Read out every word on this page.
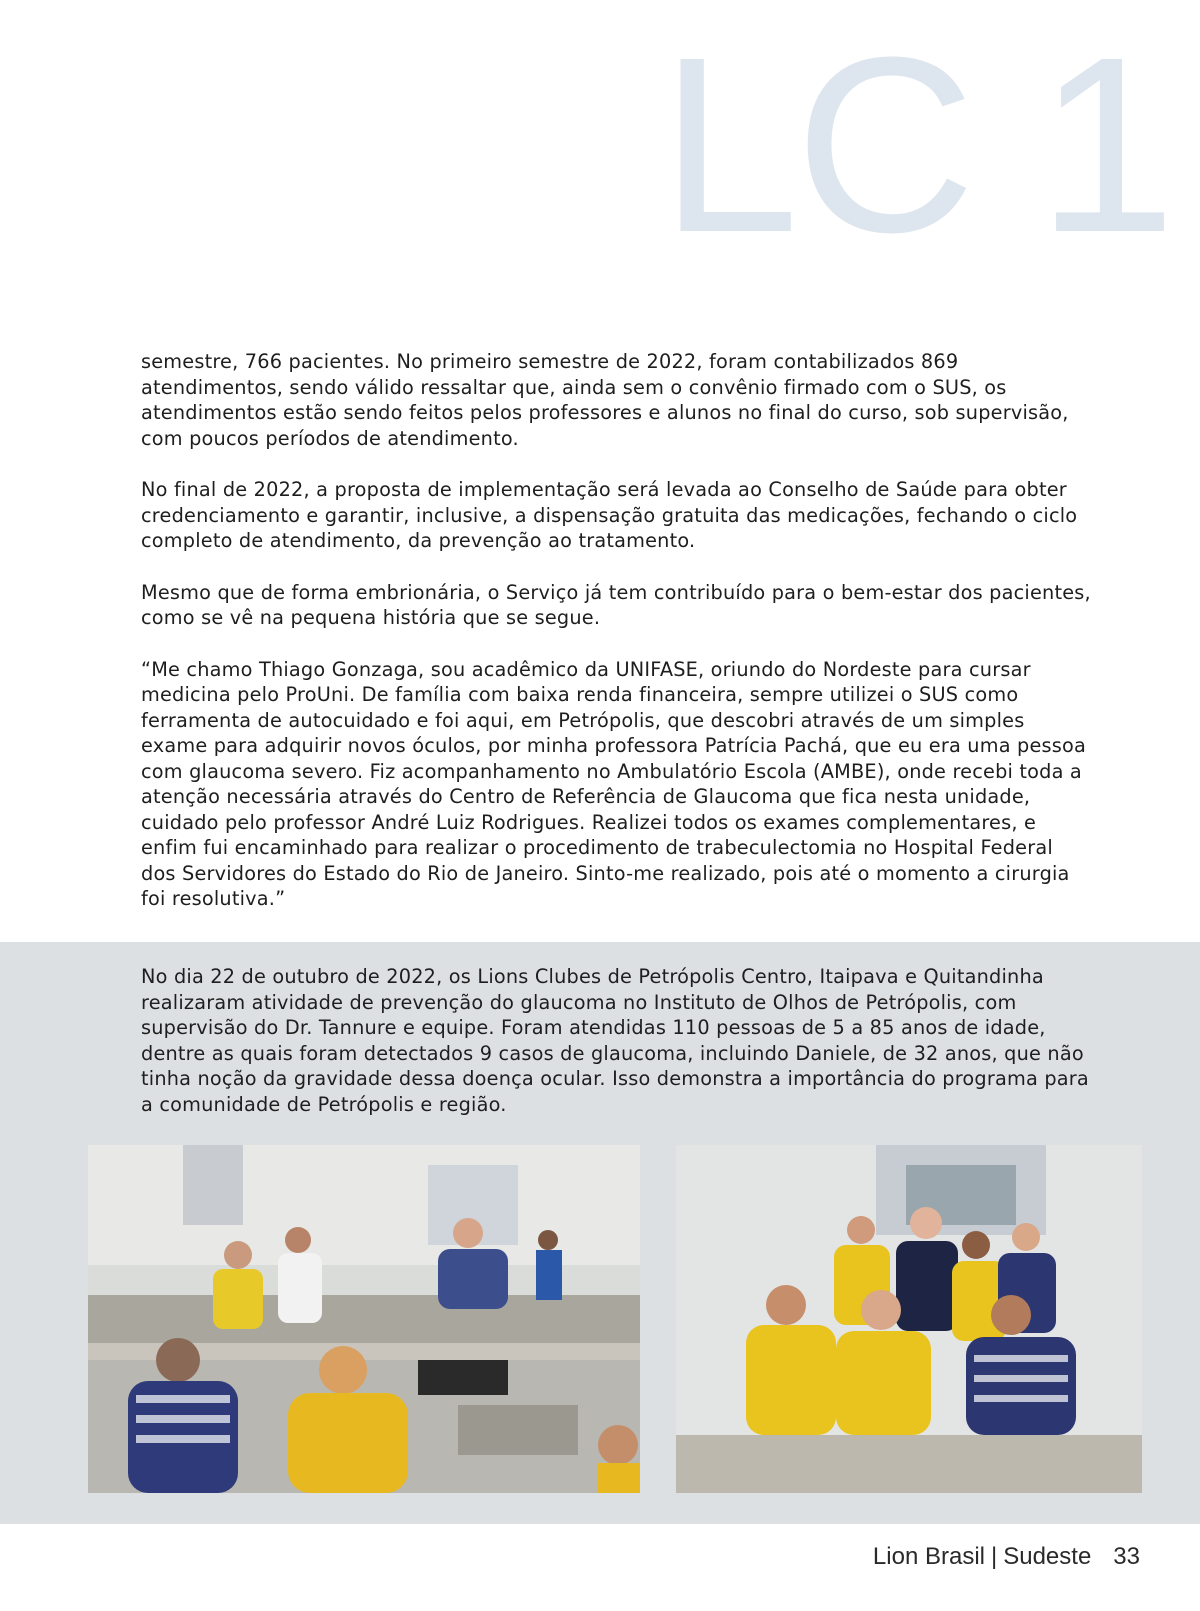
LC 1

semestre, 766 pacientes. No primeiro semestre de 2022, foram contabilizados 869 atendimentos, sendo válido ressaltar que, ainda sem o convênio firmado com o SUS, os atendimentos estão sendo feitos pelos professores e alunos no final do curso, sob supervisão, com poucos períodos de atendimento.

No final de 2022, a proposta de implementação será levada ao Conselho de Saúde para obter credenciamento e garantir, inclusive, a dispensação gratuita das medicações, fechando o ciclo completo de atendimento, da prevenção ao tratamento.

Mesmo que de forma embrionária, o Serviço já tem contribuído para o bem-estar dos pacientes, como se vê na pequena história que se segue.

“Me chamo Thiago Gonzaga, sou acadêmico da UNIFASE, oriundo do Nordeste para cursar medicina pelo ProUni. De família com baixa renda financeira, sempre utilizei o SUS como ferramenta de autocuidado e foi aqui, em Petrópolis, que descobri através de um simples exame para adquirir novos óculos, por minha professora Patrícia Pachá, que eu era uma pessoa com glaucoma severo. Fiz acompanhamento no Ambulatório Escola (AMBE), onde recebi toda a atenção necessária através do Centro de Referência de Glaucoma que fica nesta unidade, cuidado pelo professor André Luiz Rodrigues. Realizei todos os exames complementares, e enfim fui encaminhado para realizar o procedimento de trabeculectomia no Hospital Federal dos Servidores do Estado do Rio de Janeiro. Sinto-me realizado, pois até o momento a cirurgia foi resolutiva.”

No dia 22 de outubro de 2022, os Lions Clubes de Petrópolis Centro, Itaipava e Quitandinha realizaram atividade de prevenção do glaucoma no Instituto de Olhos de Petrópolis, com supervisão do Dr. Tannure e equipe. Foram atendidas 110 pessoas de 5 a 85 anos de idade, dentre as quais foram detectados 9 casos de glaucoma, incluindo Daniele, de 32 anos, que não tinha noção da gravidade dessa doença ocular. Isso demonstra a importância do programa para a comunidade de Petrópolis e região.

Lion Brasil | Sudeste 33
